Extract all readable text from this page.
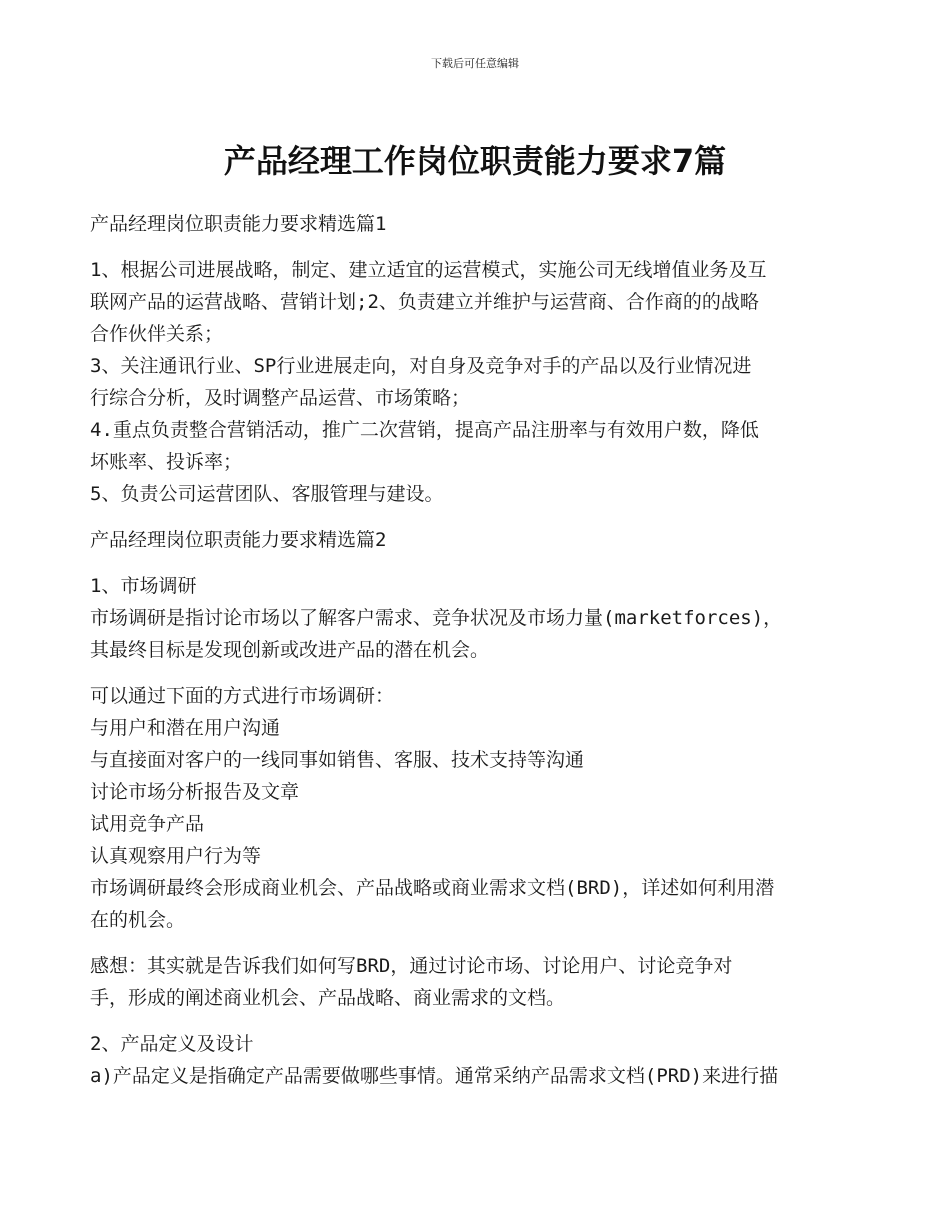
下载后可任意编辑
产品经理工作岗位职责能力要求7篇

产品经理岗位职责能力要求精选篇1

1、根据公司进展战略，制定、建立适宜的运营模式，实施公司无线增值业务及互

联网产品的运营战略、营销计划;2、负责建立并维护与运营商、合作商的的战略

合作伙伴关系；

3、关注通讯行业、SP行业进展走向，对自身及竞争对手的产品以及行业情况进

行综合分析，及时调整产品运营、市场策略；

4.重点负责整合营销活动，推广二次营销，提高产品注册率与有效用户数，降低

坏账率、投诉率；

5、负责公司运营团队、客服管理与建设。

产品经理岗位职责能力要求精选篇2

1、市场调研

市场调研是指讨论市场以了解客户需求、竞争状况及市场力量(marketforces)，

其最终目标是发现创新或改进产品的潜在机会。

可以通过下面的方式进行市场调研：

与用户和潜在用户沟通

与直接面对客户的一线同事如销售、客服、技术支持等沟通

讨论市场分析报告及文章

试用竞争产品

认真观察用户行为等

市场调研最终会形成商业机会、产品战略或商业需求文档(BRD)，详述如何利用潜

在的机会。

感想：其实就是告诉我们如何写BRD，通过讨论市场、讨论用户、讨论竞争对

手，形成的阐述商业机会、产品战略、商业需求的文档。

2、产品定义及设计

a)产品定义是指确定产品需要做哪些事情。通常采纳产品需求文档(PRD)来进行描
